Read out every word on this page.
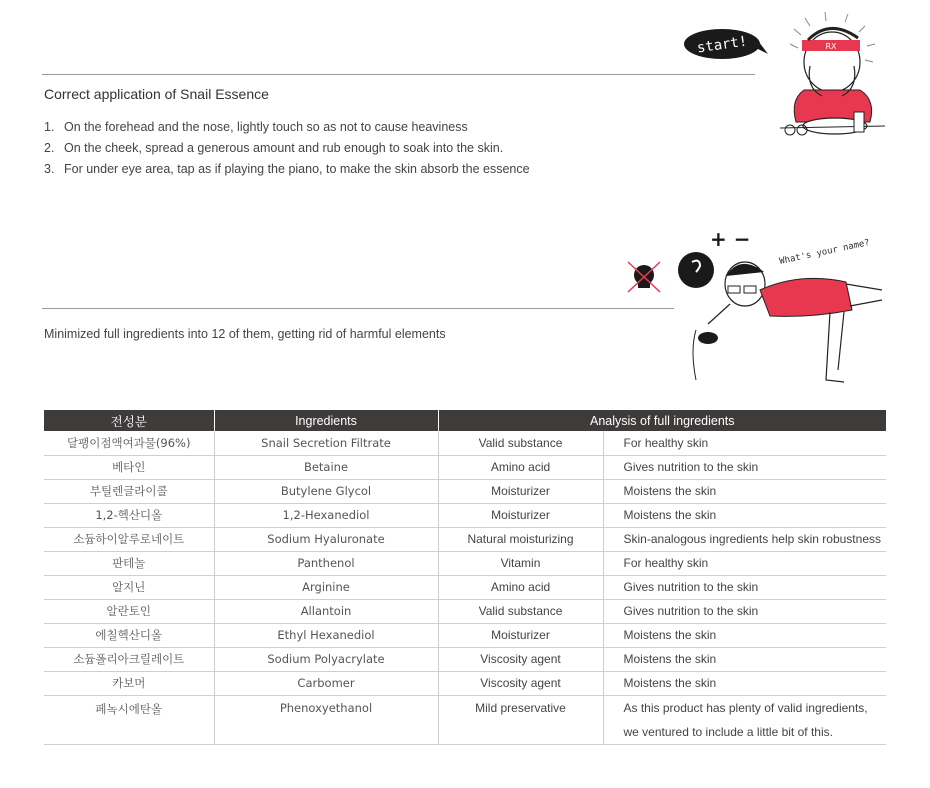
Correct application of Snail Essence
1. On the forehead and the nose, lightly touch so as not to cause heaviness
2. On the cheek, spread a generous amount and rub enough to soak into the skin.
3. For under eye area, tap as if playing the piano, to make the skin absorb the essence
start!	RX
Minimized full ingredients into 12 of them, getting rid of harmful elements
+ −	What's your name?
전성분	Ingredients	Analysis of full ingredients	
달팽이점액여과물(96%)	Snail Secretion Filtrate	Valid substance	For healthy skin
베타인	Betaine	Amino acid	Gives nutrition to the skin
부틸렌글라이콜	Butylene Glycol	Moisturizer	Moistens the skin
1,2-헥산디올	1,2-Hexanediol	Moisturizer	Moistens the skin
소듐하이알루로네이트	Sodium Hyaluronate	Natural moisturizing	Skin-analogous ingredients help skin robustness
판테놀	Panthenol	Vitamin	For healthy skin
알지닌	Arginine	Amino acid	Gives nutrition to the skin
알란토인	Allantoin	Valid substance	Gives nutrition to the skin
에칠헥산디올	Ethyl Hexanediol	Moisturizer	Moistens the skin
소듐폴리아크릴레이트	Sodium Polyacrylate	Viscosity agent	Moistens the skin
카보머	Carbomer	Viscosity agent	Moistens the skin
페녹시에탄올	Phenoxyethanol	Mild preservative	As this product has plenty of valid ingredients,
we ventured to include a little bit of this.
